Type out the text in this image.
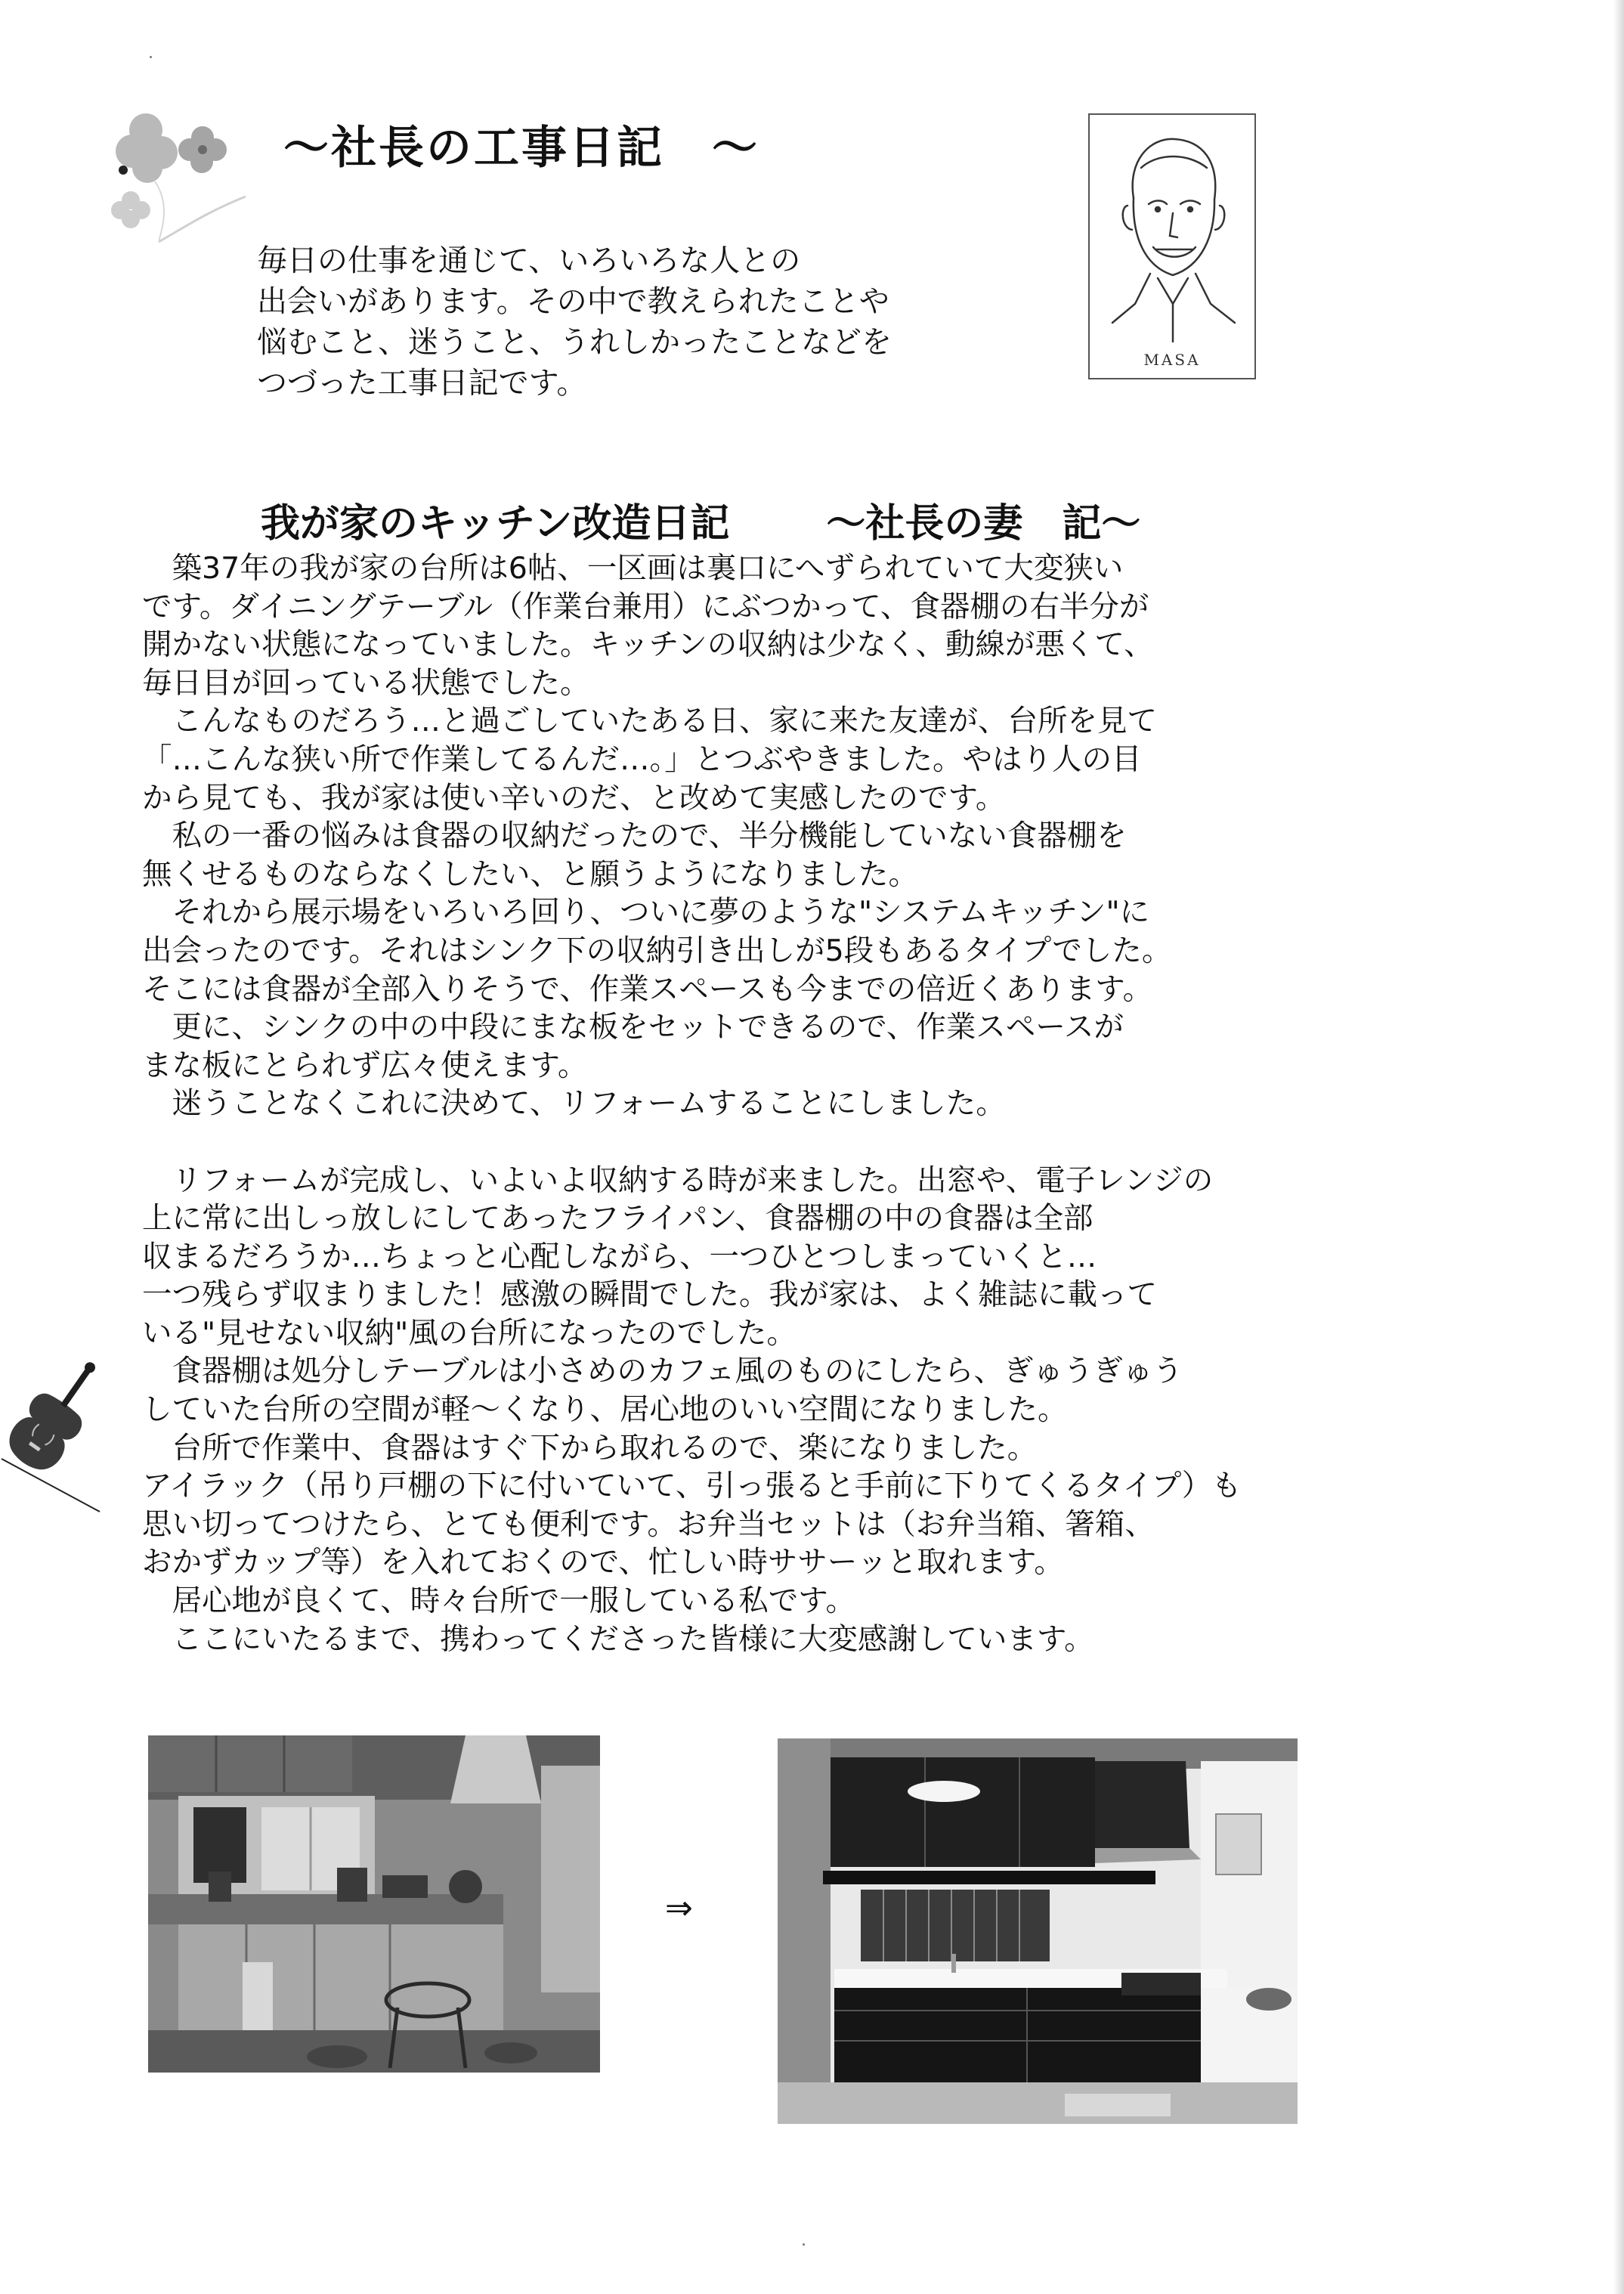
～社長の工事日記　～
毎日の仕事を通じて、いろいろな人との
出会いがあります。その中で教えられたことや
悩むこと、迷うこと、うれしかったことなどを
つづった工事日記です。
MASA
我が家のキッチン改造日記 ～社長の妻　記～
　築37年の我が家の台所は6帖、一区画は裏口にへずられていて大変狭い
です。ダイニングテーブル（作業台兼用）にぶつかって、食器棚の右半分が
開かない状態になっていました。キッチンの収納は少なく、動線が悪くて、
毎日目が回っている状態でした。
　こんなものだろう…と過ごしていたある日、家に来た友達が、台所を見て
「…こんな狭い所で作業してるんだ…。」とつぶやきました。やはり人の目
から見ても、我が家は使い辛いのだ、と改めて実感したのです。
　私の一番の悩みは食器の収納だったので、半分機能していない食器棚を
無くせるものならなくしたい、と願うようになりました。
　それから展示場をいろいろ回り、ついに夢のような"システムキッチン"に
出会ったのです。それはシンク下の収納引き出しが5段もあるタイプでした。
そこには食器が全部入りそうで、作業スペースも今までの倍近くあります。
　更に、シンクの中の中段にまな板をセットできるので、作業スペースが
まな板にとられず広々使えます。
　迷うことなくこれに決めて、リフォームすることにしました。
　リフォームが完成し、いよいよ収納する時が来ました。出窓や、電子レンジの
上に常に出しっ放しにしてあったフライパン、食器棚の中の食器は全部
収まるだろうか…ちょっと心配しながら、一つひとつしまっていくと…
一つ残らず収まりました！感激の瞬間でした。我が家は、よく雑誌に載って
いる"見せない収納"風の台所になったのでした。
　食器棚は処分しテーブルは小さめのカフェ風のものにしたら、ぎゅうぎゅう
していた台所の空間が軽～くなり、居心地のいい空間になりました。
　台所で作業中、食器はすぐ下から取れるので、楽になりました。
アイラック（吊り戸棚の下に付いていて、引っ張ると手前に下りてくるタイプ）も
思い切ってつけたら、とても便利です。お弁当セットは（お弁当箱、箸箱、
おかずカップ等）を入れておくので、忙しい時ササーッと取れます。
　居心地が良くて、時々台所で一服している私です。
　ここにいたるまで、携わってくださった皆様に大変感謝しています。
⇒
